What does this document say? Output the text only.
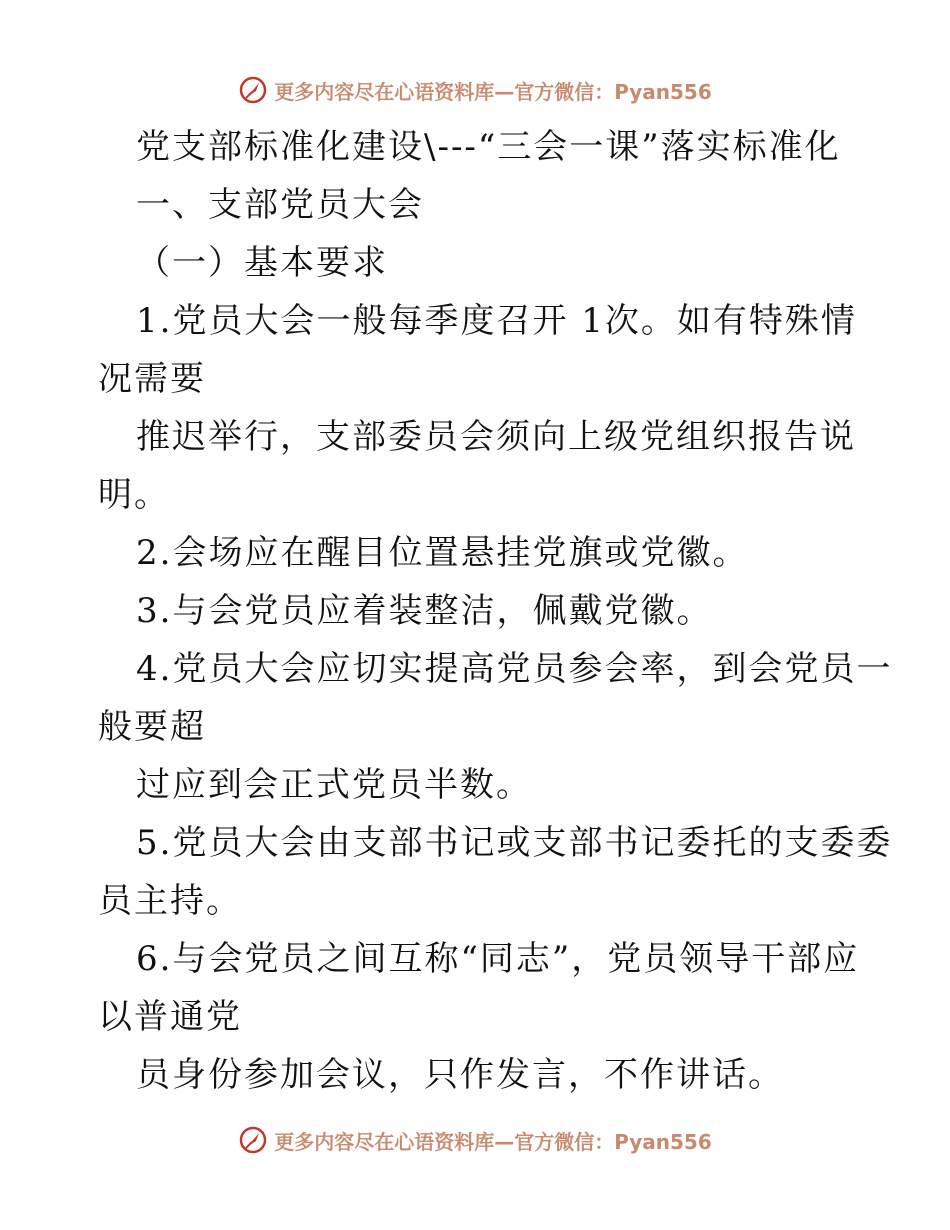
更多内容尽在心语资料库—官方微信：Pyan556
党支部标准化建设\---“三会一课”落实标准化
一、支部党员大会
（一）基本要求
1.党员大会一般每季度召开 1次。如有特殊情
况需要
推迟举行，支部委员会须向上级党组织报告说
明。
2.会场应在醒目位置悬挂党旗或党徽。
3.与会党员应着装整洁，佩戴党徽。
4.党员大会应切实提高党员参会率，到会党员一
般要超
过应到会正式党员半数。
5.党员大会由支部书记或支部书记委托的支委委
员主持。
6.与会党员之间互称“同志”，党员领导干部应
以普通党
员身份参加会议，只作发言，不作讲话。
更多内容尽在心语资料库—官方微信：Pyan556
